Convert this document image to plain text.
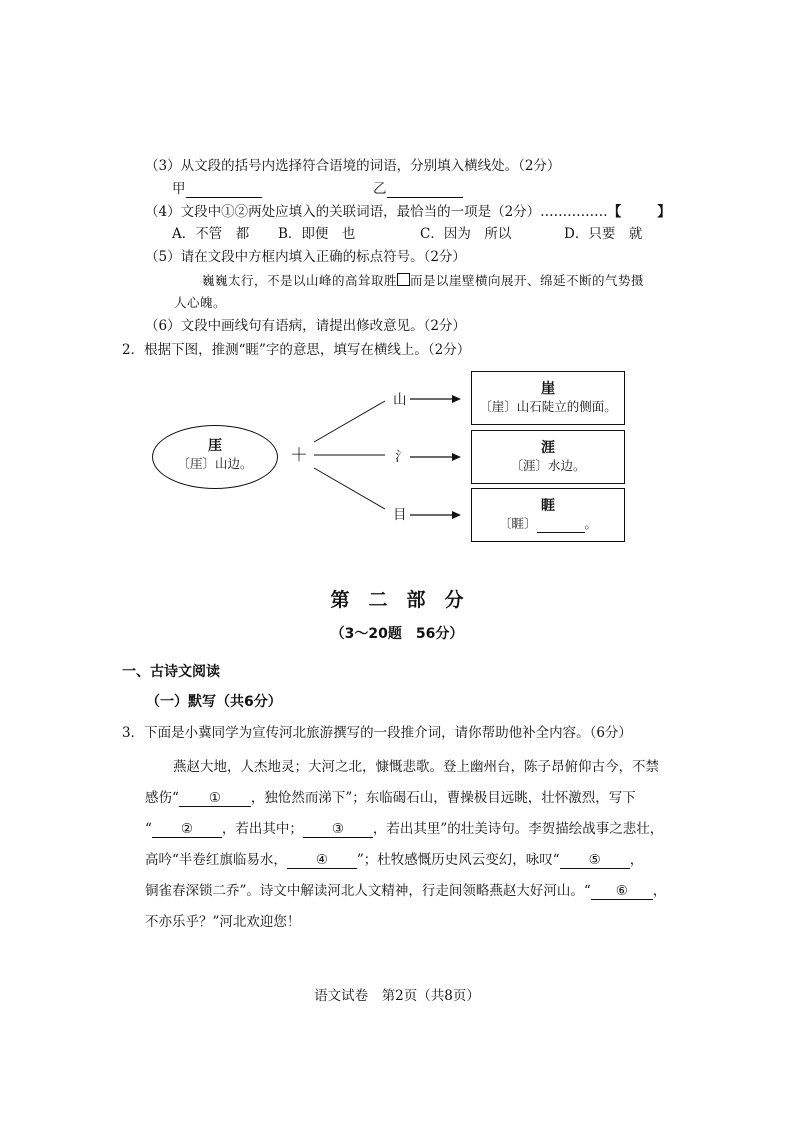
（3）从文段的括号内选择符合语境的词语，分别填入横线处。（2分）
甲	乙
（4）文段中①②两处应填入的关联词语，最恰当的一项是（2分）……………【	】
A．不管　都 B．即便　也	C．因为　所以	D．只要　就
（5）请在文段中方框内填入正确的标点符号。（2分）
巍巍太行，不是以山峰的高耸取胜 而是以崖壁横向展开、绵延不断的气势摄
人心魄。
（6）文段中画线句有语病，请提出修改意见。（2分）
2．根据下图，推测“睚”字的意思，填写在横线上。（2分）
厓
〔厓〕山边。	＋
山
氵
目
崖
〔崖〕山石陡立的侧面。
涯
〔涯〕水边。
睚
〔睚〕	。
第　二　部　分
（3～20题　56分）
一、古诗文阅读
（一）默写（共6分）
3．下面是小冀同学为宣传河北旅游撰写的一段推介词，请你帮助他补全内容。（6分）

燕赵大地，人杰地灵；大河之北，慷慨悲歌。登上幽州台，陈子昂俯仰古今，不禁

感伤“ ① ，独怆然而涕下”；东临碣石山，曹操极目远眺，壮怀激烈，写下

“ ② ，若出其中； ③ ，若出其里”的壮美诗句。李贺描绘战事之悲壮，

高吟“半卷红旗临易水， ④ ”；杜牧感慨历史风云变幻，咏叹“ ⑤ ，

铜雀春深锁二乔”。诗文中解读河北人文精神，行走间领略燕赵大好河山。“ ⑥ ，

不亦乐乎？”河北欢迎您！

语文试卷　第2页（共8页）
